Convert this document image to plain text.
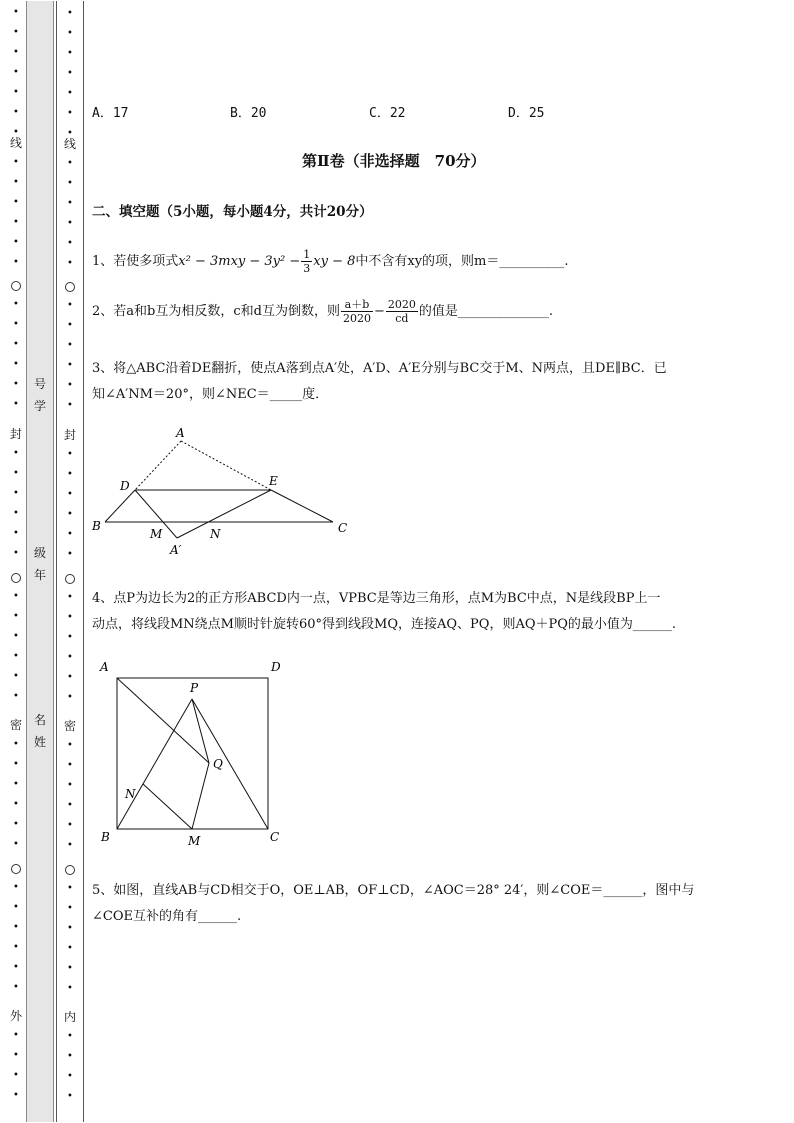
•

•

•

•

•

•

•
线
•

•

•

•

•

•
•

•

•

•

•

•
封
•

•

•

•

•

•
•

•

•

•

•

•
密
•

•

•

•

•

•
•

•

•

•

•

•
外
•

•

•

•
号
学
级
年
名
姓
•

•

•

•

•

•

•
线
•

•

•

•

•

•
•

•

•

•

•

•
封
•

•

•

•

•

•
•

•

•

•

•

•
密
•

•

•

•

•

•
•

•

•

•

•

•
内
•

•

•

•
A．17	B．20	C．22	D．25
第Ⅱ卷（非选择题　70分）
二、填空题（5小题，每小题4分，共计20分）
1、若使多项式$x^2 - 3mxy - 3y^2 - \frac{1}{3}$ xy − 8中不含有xy的项，则m＝__________.
2、若a和b互为相反数，c和d互为倒数，则 $\frac{a+b}{2020} - \frac{2020}{cd}$ 的值是______________.
3、将△ABC沿着DE翻折，使点A落到点A′处，A′D、A′E分别与BC交于M、N两点，且DE∥BC．已
知∠A′NM＝20°，则∠NEC＝_____度．
4、点P为边长为2的正方形ABCD内一点，VPBC是等边三角形，点M为BC中点，N是线段BP上一
动点，将线段MN绕点M顺时针旋转60°得到线段MQ，连接AQ、PQ，则AQ＋PQ的最小值为______.
5、如图，直线AB与CD相交于O，OE⊥AB，OF⊥CD，∠AOC＝28° 24′，则∠COE＝______，图中与
∠COE互补的角有______.
A
D	E
B
M	N	C
A′
A	D
P
Q
N
B	M	C
